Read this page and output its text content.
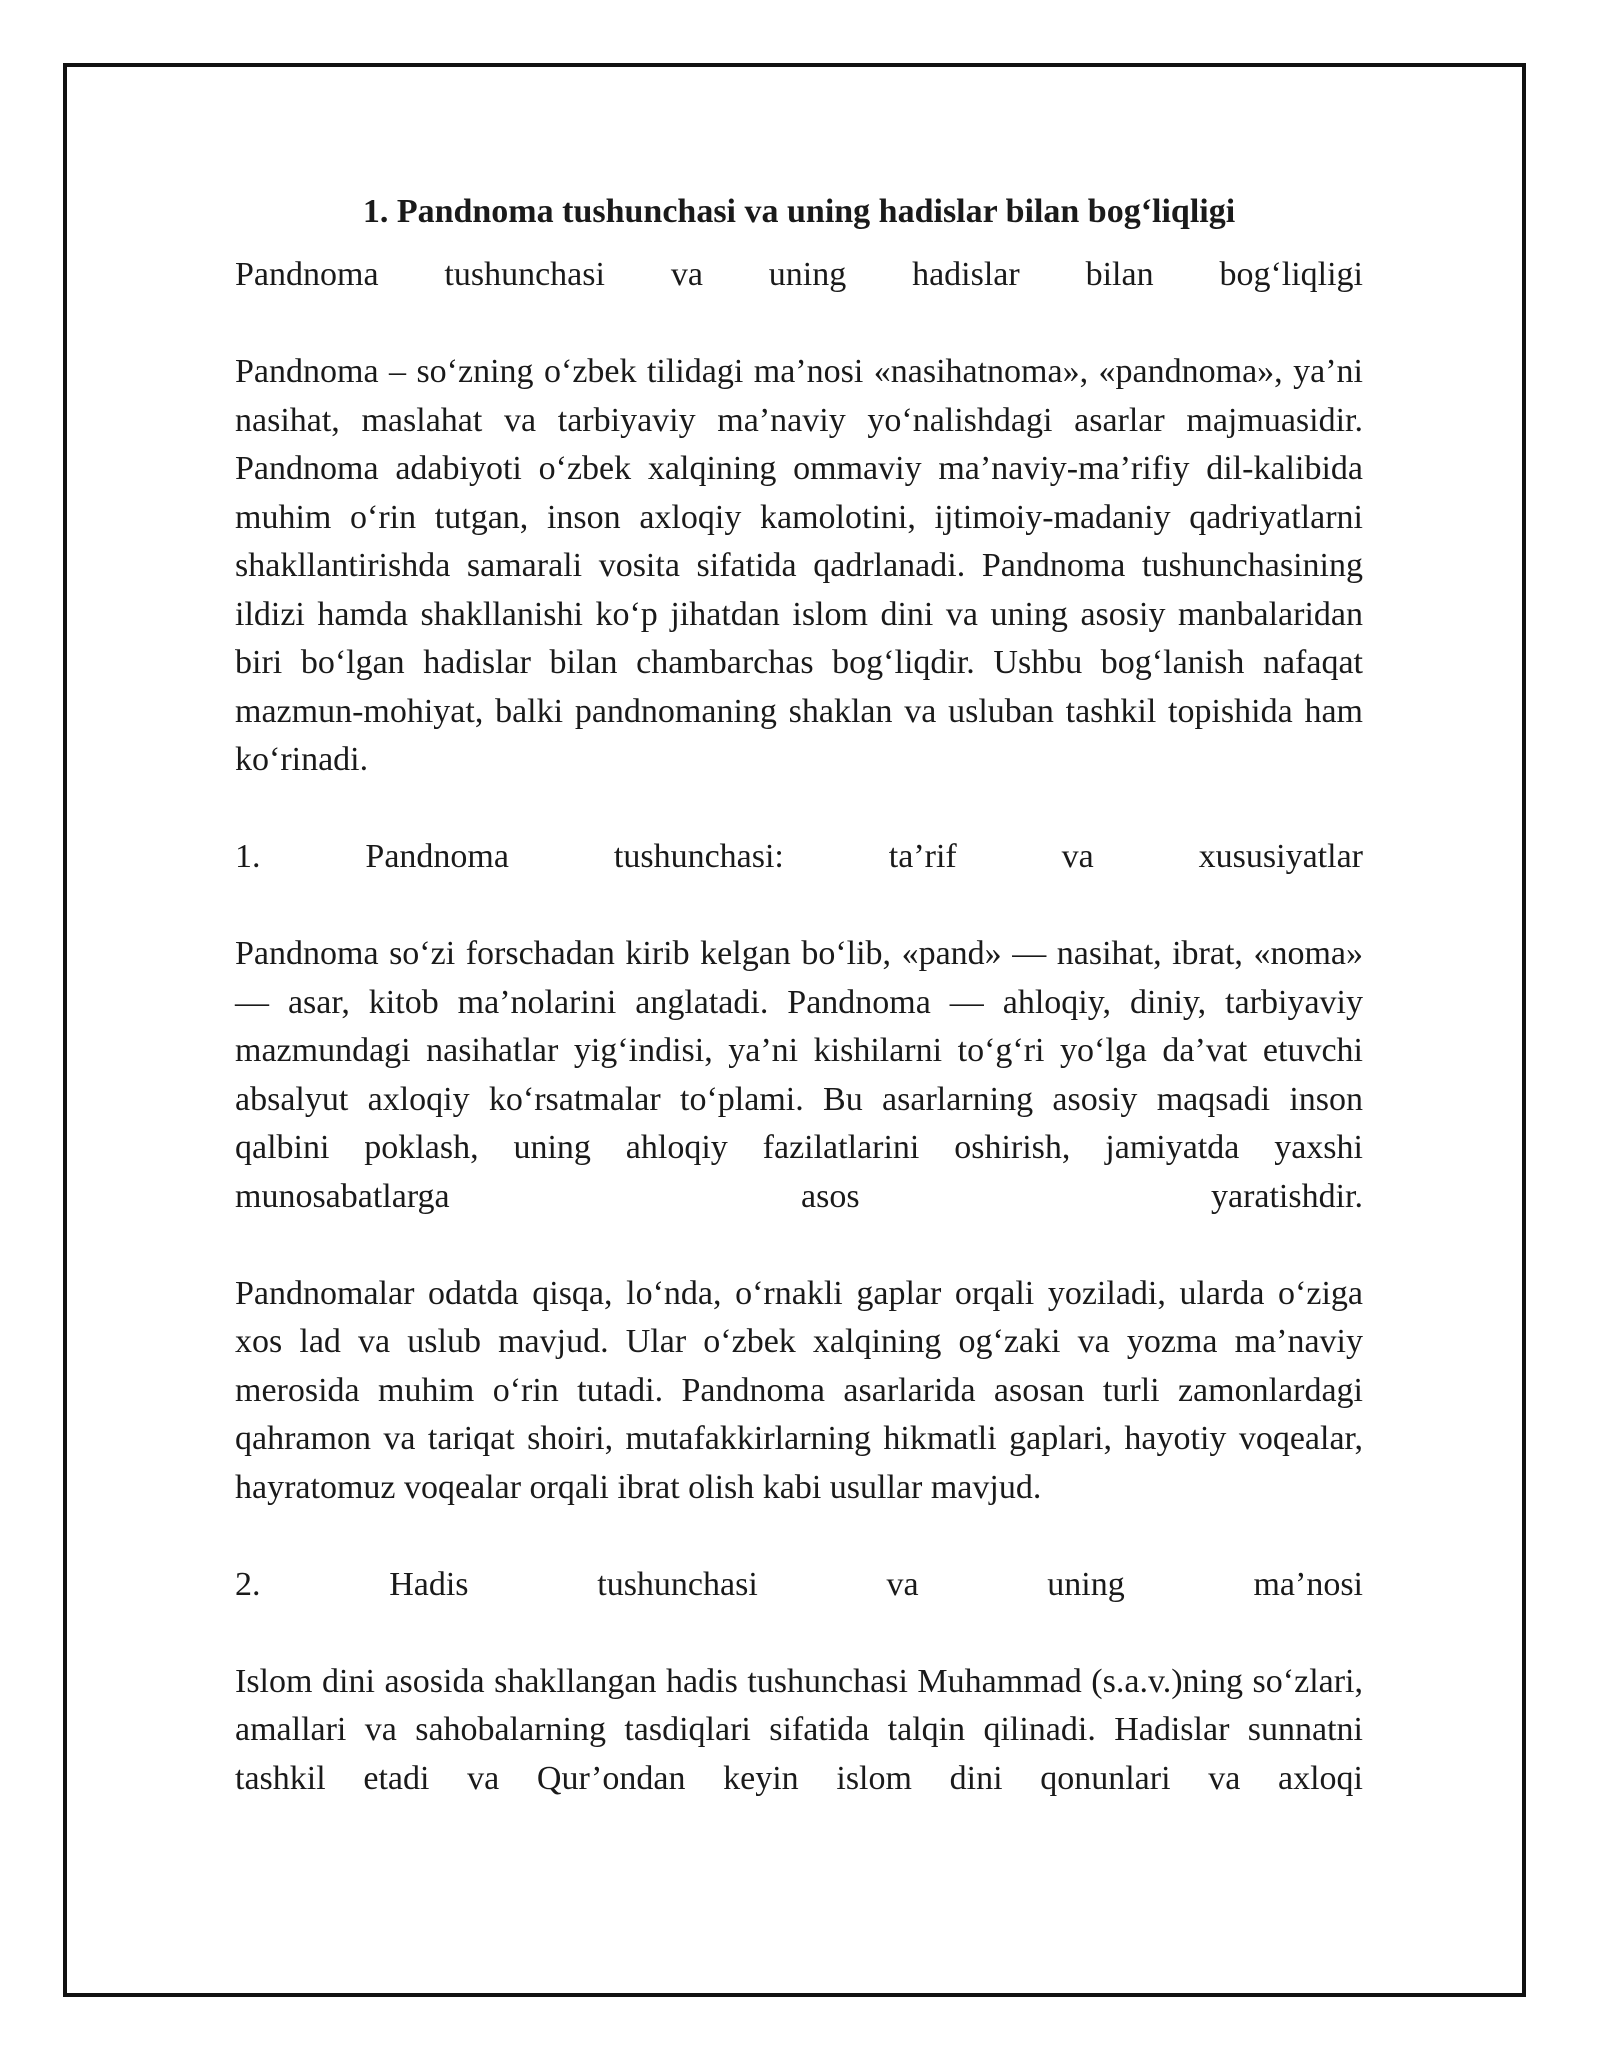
1. Pandnoma tushunchasi va uning hadislar bilan bog‘liqligi

Pandnoma tushunchasi va uning hadislar bilan bog‘liqligi

Pandnoma – so‘zning o‘zbek tilidagi ma’nosi «nasihatnoma», «pandnoma», ya’ni nasihat, maslahat va tarbiyaviy ma’naviy yo‘nalishdagi asarlar majmuasidir. Pandnoma adabiyoti o‘zbek xalqining ommaviy ma’naviy-ma’rifiy dil-kalibida muhim o‘rin tutgan, inson axloqiy kamolotini, ijtimoiy-madaniy qadriyatlarni shakllantirishda samarali vosita sifatida qadrlanadi. Pandnoma tushunchasining ildizi hamda shakllanishi ko‘p jihatdan islom dini va uning asosiy manbalaridan biri bo‘lgan hadislar bilan chambarchas bog‘liqdir. Ushbu bog‘lanish nafaqat mazmun-mohiyat, balki pandnomaning shaklan va usluban tashkil topishida ham ko‘rinadi.

1. Pandnoma tushunchasi: ta’rif va xususiyatlar

Pandnoma so‘zi forschadan kirib kelgan bo‘lib, «pand» — nasihat, ibrat, «noma» — asar, kitob ma’nolarini anglatadi. Pandnoma — ahloqiy, diniy, tarbiyaviy mazmundagi nasihatlar yig‘indisi, ya’ni kishilarni to‘g‘ri yo‘lga da’vat etuvchi absalyut axloqiy ko‘rsatmalar to‘plami. Bu asarlarning asosiy maqsadi inson qalbini poklash, uning ahloqiy fazilatlarini oshirish, jamiyatda yaxshi munosabatlarga asos yaratishdir.

Pandnomalar odatda qisqa, lo‘nda, o‘rnakli gaplar orqali yoziladi, ularda o‘ziga xos lad va uslub mavjud. Ular o‘zbek xalqining og‘zaki va yozma ma’naviy merosida muhim o‘rin tutadi. Pandnoma asarlarida asosan turli zamonlardagi qahramon va tariqat shoiri, mutafakkirlarning hikmatli gaplari, hayotiy voqealar, hayratomuz voqealar orqali ibrat olish kabi usullar mavjud.

2. Hadis tushunchasi va uning ma’nosi

Islom dini asosida shakllangan hadis tushunchasi Muhammad (s.a.v.)ning so‘zlari, amallari va sahobalarning tasdiqlari sifatida talqin qilinadi. Hadislar sunnatni tashkil etadi va Qur’ondan keyin islom dini qonunlari va axloqi
